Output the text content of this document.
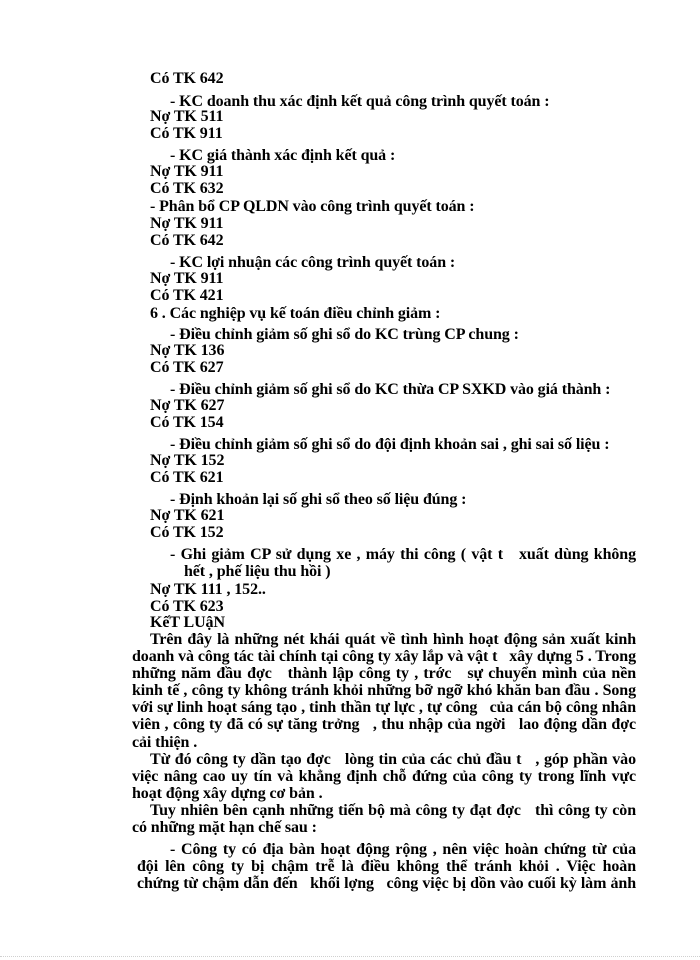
Có TK 642
- KC doanh thu xác định kết quả công trình quyết toán :
Nợ TK 511
Có TK 911
- KC giá thành xác định kết quả :
Nợ TK 911
Có TK 632
- Phân bổ CP QLDN vào công trình quyết toán :
Nợ TK 911
Có TK 642
- KC lợi nhuận các công trình quyết toán :
Nợ TK 911
Có TK 421
6 . Các nghiệp vụ kế toán điều chỉnh giảm :
- Điều chỉnh giảm số ghi sổ do KC trùng CP chung :
Nợ TK 136
Có TK 627
- Điều chỉnh giảm số ghi sổ do KC thừa CP SXKD vào giá thành :
Nợ TK 627
Có TK 154
- Điều chỉnh giảm số ghi sổ do đội định khoản sai , ghi sai số liệu :
Nợ TK 152
Có TK 621
- Định khoản lại số ghi sổ theo số liệu đúng :
Nợ TK 621
Có TK 152
- Ghi giảm CP sử dụng xe , máy thi công ( vật t   xuất dùng không
hết , phế liệu thu hồi )
Nợ TK 111 , 152..
Có TK 623
KếT LUậN
Trên đây là những nét khái quát về tình hình hoạt động sản xuất kinh
doanh và công tác tài chính tại công ty xây lắp và vật t   xây dựng 5 . Trong
những năm đầu đợc   thành lập công ty , trớc   sự chuyển mình của nền
kinh tế , công ty không tránh khỏi những bỡ ngỡ khó khăn ban đầu . Song
với sự linh hoạt sáng tạo , tinh thần tự lực , tự công   của cán bộ công nhân
viên , công ty đã có sự tăng trởng   , thu nhập của ngời   lao động dần đợc
cải thiện .
Từ đó công ty dần tạo đợc   lòng tin của các chủ đầu t   , góp phần vào
việc nâng cao uy tín và khẳng định chỗ đứng của công ty trong lĩnh vực
hoạt động xây dựng cơ bản .
Tuy nhiên bên cạnh những tiến bộ mà công ty đạt đợc   thì công ty còn
có những mặt hạn chế sau :
- Công ty có địa bàn hoạt động rộng , nên việc hoàn chứng từ của
đội lên công ty bị chậm trễ là điều không thể tránh khỏi . Việc hoàn
chứng từ chậm dẫn đến   khối lợng   công việc bị dồn vào cuối kỳ làm ảnh
